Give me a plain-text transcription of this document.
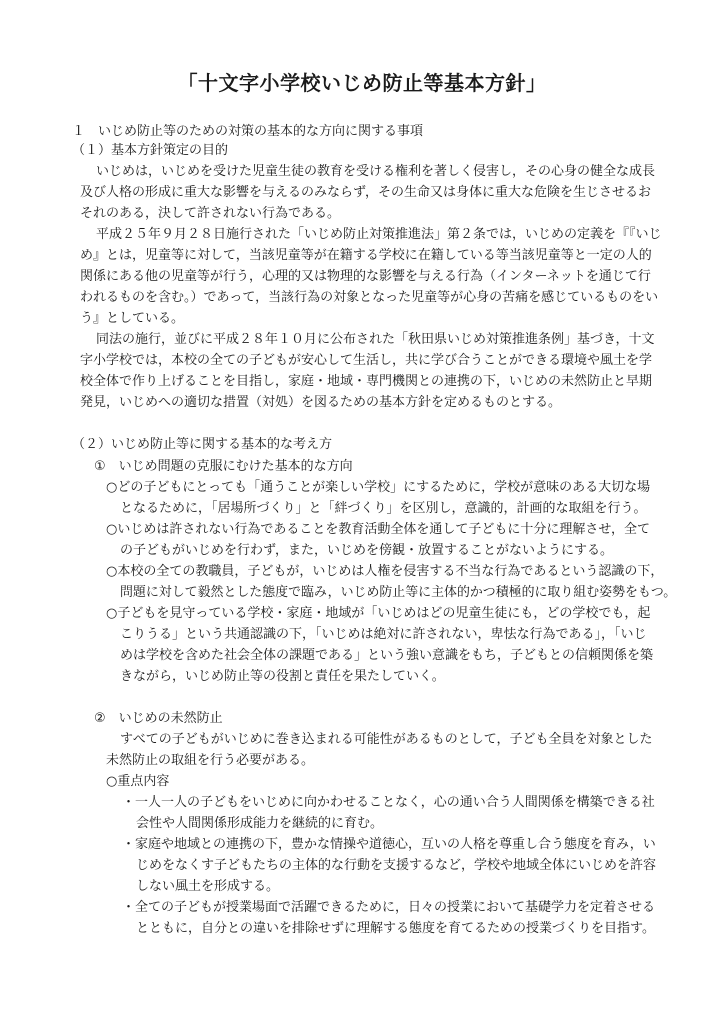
「十文字小学校いじめ防止等基本方針」
１　いじめ防止等のための対策の基本的な方向に関する事項
（１）基本方針策定の目的
いじめは，いじめを受けた児童生徒の教育を受ける権利を著しく侵害し，その心身の健全な成長
及び人格の形成に重大な影響を与えるのみならず，その生命又は身体に重大な危険を生じさせるお
それのある，決して許されない行為である。
平成２５年９月２８日施行された「いじめ防止対策推進法」第２条では，いじめの定義を『『いじ
め』とは，児童等に対して，当該児童等が在籍する学校に在籍している等当該児童等と一定の人的
関係にある他の児童等が行う，心理的又は物理的な影響を与える行為（インターネットを通じて行
われるものを含む。）であって，当該行為の対象となった児童等が心身の苦痛を感じているものをい
う』としている。
同法の施行，並びに平成２８年１０月に公布された「秋田県いじめ対策推進条例」基づき，十文
字小学校では，本校の全ての子どもが安心して生活し，共に学び合うことができる環境や風土を学
校全体で作り上げることを目指し，家庭・地域・専門機関との連携の下，いじめの未然防止と早期
発見，いじめへの適切な措置（対処）を図るための基本方針を定めるものとする。
（２）いじめ防止等に関する基本的な考え方
①　いじめ問題の克服にむけた基本的な方向
○どの子どもにとっても「通うことが楽しい学校」にするために，学校が意味のある大切な場
となるために，「居場所づくり」と「絆づくり」を区別し，意識的，計画的な取組を行う。
○いじめは許されない行為であることを教育活動全体を通して子どもに十分に理解させ，全て
の子どもがいじめを行わず，また，いじめを傍観・放置することがないようにする。
○本校の全ての教職員，子どもが，いじめは人権を侵害する不当な行為であるという認識の下，
問題に対して毅然とした態度で臨み，いじめ防止等に主体的かつ積極的に取り組む姿勢をもつ。
○子どもを見守っている学校・家庭・地域が「いじめはどの児童生徒にも，どの学校でも，起
こりうる」という共通認識の下，「いじめは絶対に許されない，卑怯な行為である」，「いじ
めは学校を含めた社会全体の課題である」という強い意識をもち，子どもとの信頼関係を築
きながら，いじめ防止等の役割と責任を果たしていく。
②　いじめの未然防止
すべての子どもがいじめに巻き込まれる可能性があるものとして，子ども全員を対象とした
未然防止の取組を行う必要がある。
○重点内容
・一人一人の子どもをいじめに向かわせることなく，心の通い合う人間関係を構築できる社
会性や人間関係形成能力を継続的に育む。
・家庭や地域との連携の下，豊かな情操や道徳心，互いの人格を尊重し合う態度を育み，い
じめをなくす子どもたちの主体的な行動を支援するなど，学校や地域全体にいじめを許容
しない風土を形成する。
・全ての子どもが授業場面で活躍できるために，日々の授業において基礎学力を定着させる
とともに，自分との違いを排除せずに理解する態度を育てるための授業づくりを目指す。
